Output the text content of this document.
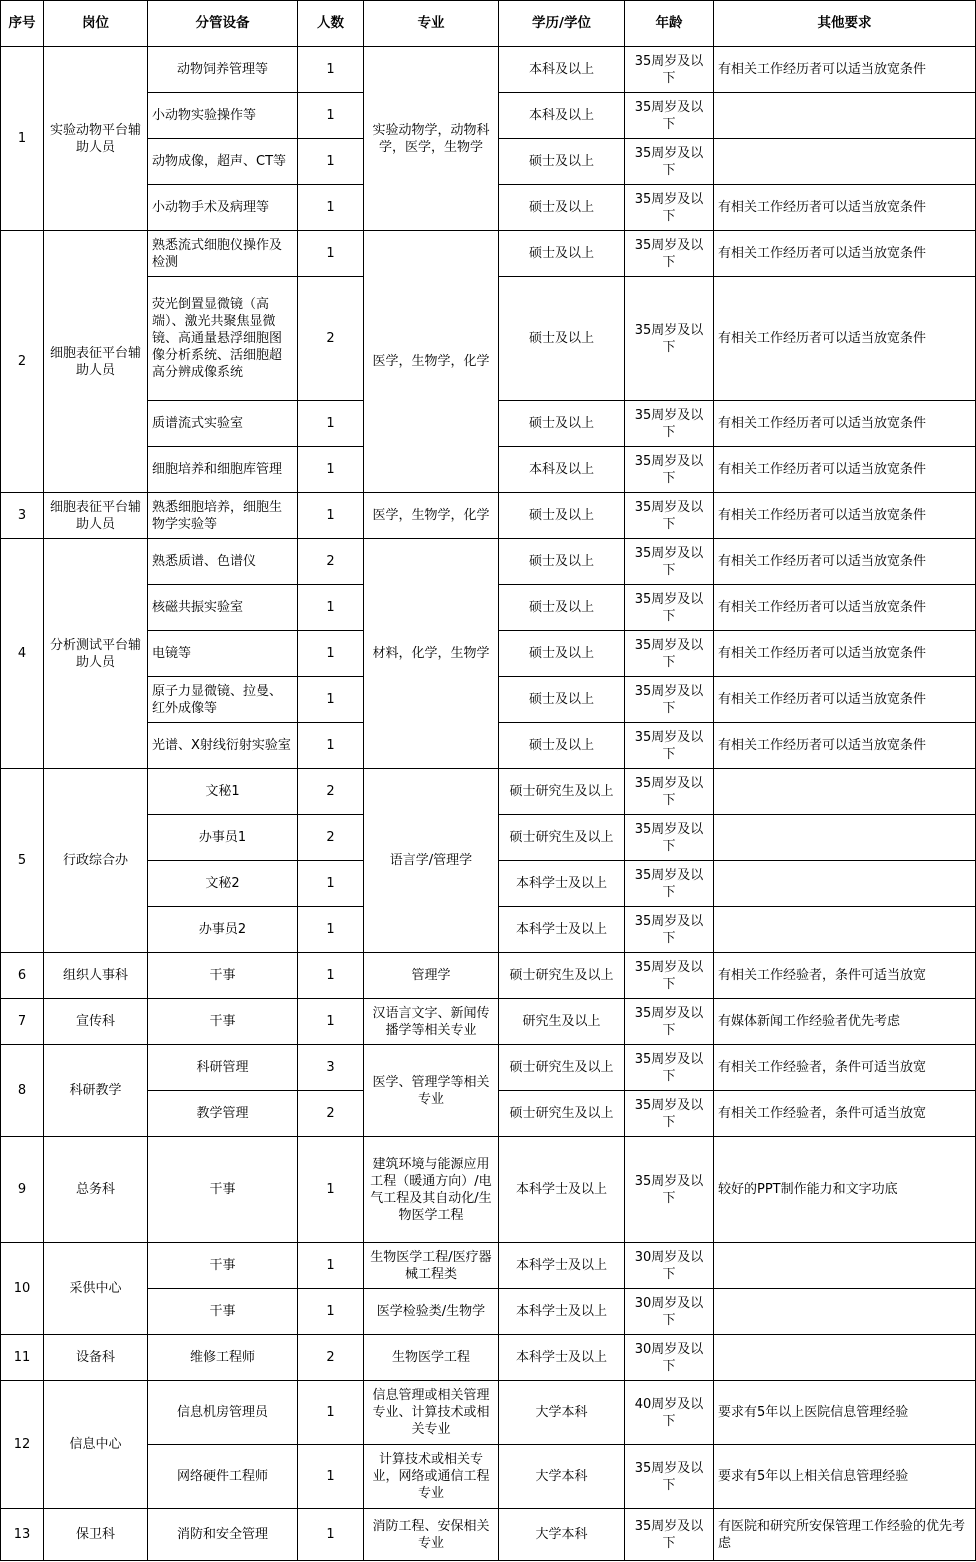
序号	岗位	分管设备	人数	专业	学历/学位	年龄	其他要求
1	实验动物平台辅助人员	动物饲养管理等	1	实验动物学，动物科学，医学，生物学	本科及以上	35周岁及以下	有相关工作经历者可以适当放宽条件
		小动物实验操作等	1		本科及以上	35周岁及以下	
		动物成像，超声、CT等	1		硕士及以上	35周岁及以下	
		小动物手术及病理等	1		硕士及以上	35周岁及以下	有相关工作经历者可以适当放宽条件
2	细胞表征平台辅助人员	熟悉流式细胞仪操作及检测	1	医学，生物学，化学	硕士及以上	35周岁及以下	有相关工作经历者可以适当放宽条件
		荧光倒置显微镜（高端）、激光共聚焦显微镜、高通量悬浮细胞图像分析系统、活细胞超高分辨成像系统	2		硕士及以上	35周岁及以下	有相关工作经历者可以适当放宽条件
		质谱流式实验室	1		硕士及以上	35周岁及以下	有相关工作经历者可以适当放宽条件
		细胞培养和细胞库管理	1		本科及以上	35周岁及以下	有相关工作经历者可以适当放宽条件
3	细胞表征平台辅助人员	熟悉细胞培养，细胞生物学实验等	1	医学，生物学，化学	硕士及以上	35周岁及以下	有相关工作经历者可以适当放宽条件
4	分析测试平台辅助人员	熟悉质谱、色谱仪	2	材料，化学，生物学	硕士及以上	35周岁及以下	有相关工作经历者可以适当放宽条件
		核磁共振实验室	1		硕士及以上	35周岁及以下	有相关工作经历者可以适当放宽条件
		电镜等	1		硕士及以上	35周岁及以下	有相关工作经历者可以适当放宽条件
		原子力显微镜、拉曼、红外成像等	1		硕士及以上	35周岁及以下	有相关工作经历者可以适当放宽条件
		光谱、X射线衍射实验室	1		硕士及以上	35周岁及以下	有相关工作经历者可以适当放宽条件
5	行政综合办	文秘1	2	语言学/管理学	硕士研究生及以上	35周岁及以下	
		办事员1	2		硕士研究生及以上	35周岁及以下	
		文秘2	1		本科学士及以上	35周岁及以下	
		办事员2	1		本科学士及以上	35周岁及以下	
6	组织人事科	干事	1	管理学	硕士研究生及以上	35周岁及以下	有相关工作经验者，条件可适当放宽
7	宣传科	干事	1	汉语言文字、新闻传播学等相关专业	研究生及以上	35周岁及以下	有媒体新闻工作经验者优先考虑
8	科研教学	科研管理	3	医学、管理学等相关专业	硕士研究生及以上	35周岁及以下	有相关工作经验者，条件可适当放宽
		教学管理	2		硕士研究生及以上	35周岁及以下	有相关工作经验者，条件可适当放宽
9	总务科	干事	1	建筑环境与能源应用工程（暖通方向）/电气工程及其自动化/生物医学工程	本科学士及以上	35周岁及以下	较好的PPT制作能力和文字功底
10	采供中心	干事	1	生物医学工程/医疗器械工程类	本科学士及以上	30周岁及以下	
		干事	1	医学检验类/生物学	本科学士及以上	30周岁及以下	
11	设备科	维修工程师	2	生物医学工程	本科学士及以上	30周岁及以下	
12	信息中心	信息机房管理员	1	信息管理或相关管理专业、计算技术或相关专业	大学本科	40周岁及以下	要求有5年以上医院信息管理经验
		网络硬件工程师	1	计算技术或相关专业，网络或通信工程专业	大学本科	35周岁及以下	要求有5年以上相关信息管理经验
13	保卫科	消防和安全管理	1	消防工程、安保相关专业	大学本科	35周岁及以下	有医院和研究所安保管理工作经验的优先考虑
